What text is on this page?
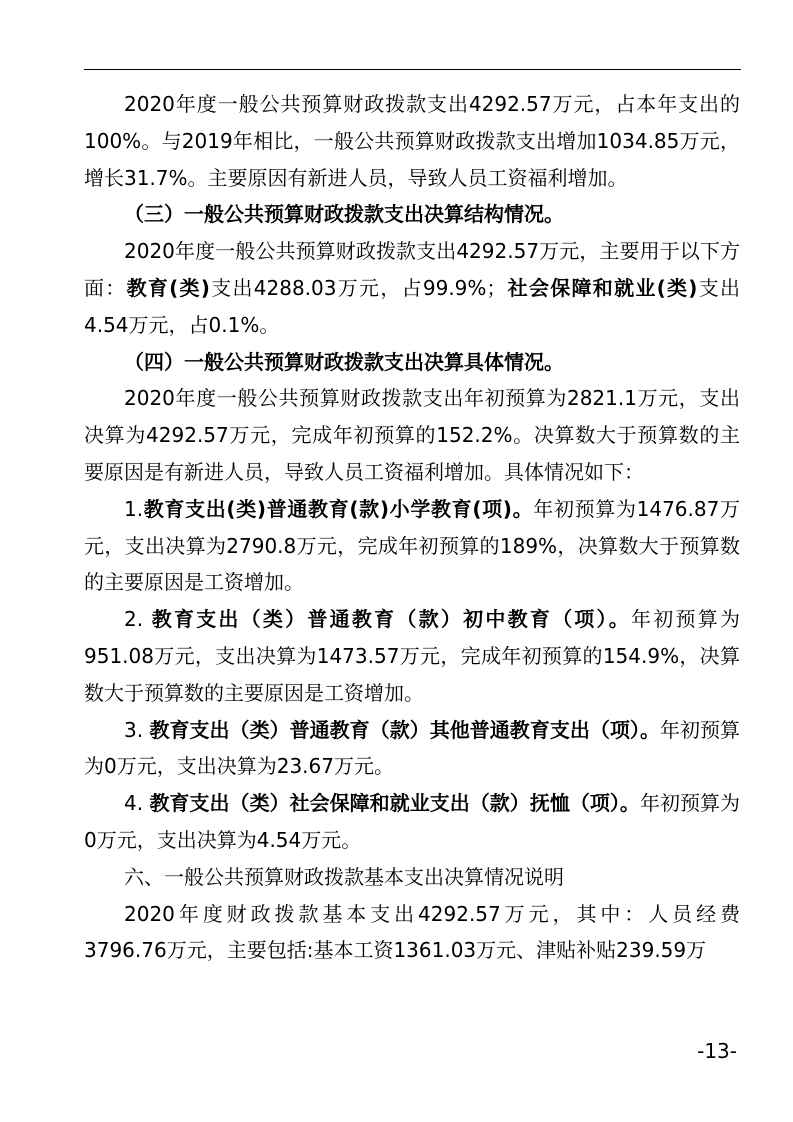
2020年度一般公共预算财政拨款支出4292.57万元，占本年支出的100%。与2019年相比，一般公共预算财政拨款支出增加1034.85万元，增长31.7%。主要原因有新进人员，导致人员工资福利增加。

（三）一般公共预算财政拨款支出决算结构情况。

2020年度一般公共预算财政拨款支出4292.57万元，主要用于以下方面：教育(类)支出4288.03万元，占99.9%；社会保障和就业(类)支出4.54万元，占0.1%。

（四）一般公共预算财政拨款支出决算具体情况。

2020年度一般公共预算财政拨款支出年初预算为2821.1万元，支出决算为4292.57万元，完成年初预算的152.2%。决算数大于预算数的主要原因是有新进人员，导致人员工资福利增加。具体情况如下：

1.教育支出(类)普通教育(款)小学教育(项)。年初预算为1476.87万元，支出决算为2790.8万元，完成年初预算的189%，决算数大于预算数的主要原因是工资增加。

2. 教育支出（类）普通教育（款）初中教育（项）。年初预算为951.08万元，支出决算为1473.57万元，完成年初预算的154.9%，决算数大于预算数的主要原因是工资增加。

3. 教育支出（类）普通教育（款）其他普通教育支出（项）。年初预算为0万元，支出决算为23.67万元。

4. 教育支出（类）社会保障和就业支出（款）抚恤（项）。年初预算为0万元，支出决算为4.54万元。

六、一般公共预算财政拨款基本支出决算情况说明

2020年度财政拨款基本支出4292.57万元，其中：人员经费3796.76万元，主要包括:基本工资1361.03万元、津贴补贴239.59万

-13-
